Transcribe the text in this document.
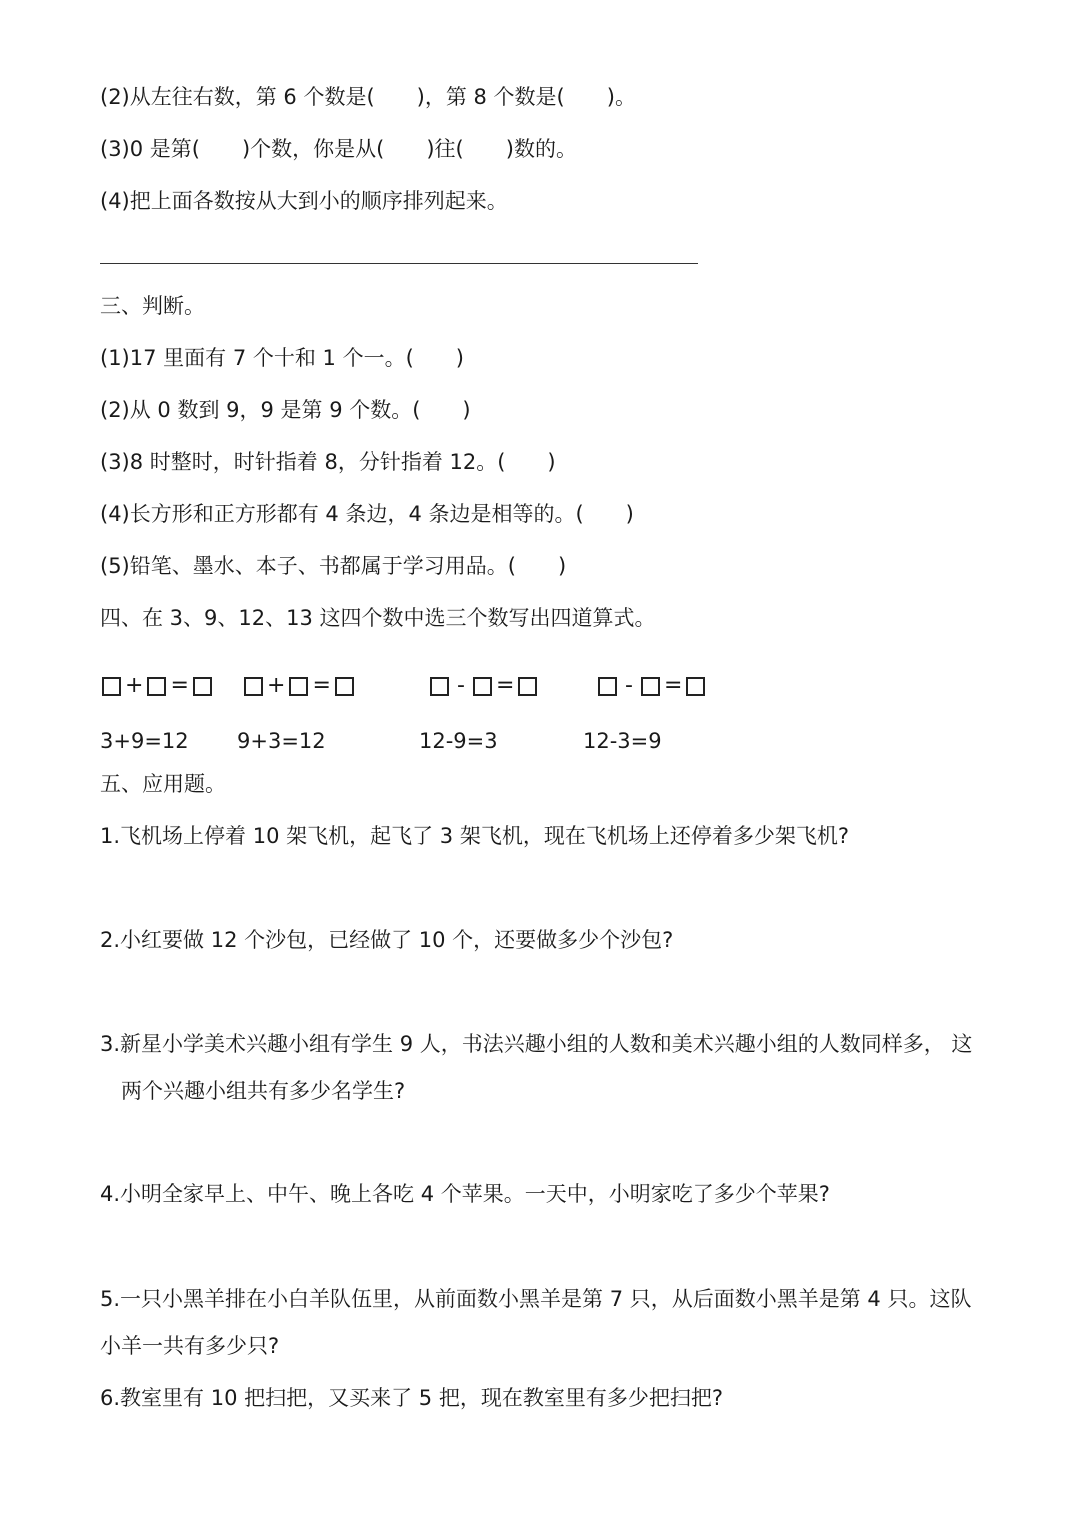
(2)从左往右数，第 6 个数是(　　)，第 8 个数是(　　)。
(3)0 是第(　　)个数，你是从(　　)往(　　)数的。
(4)把上面各数按从大到小的顺序排列起来。
三、判断。
(1)17 里面有 7 个十和 1 个一。(　　)
(2)从 0 数到 9，9 是第 9 个数。(　　)
(3)8 时整时，时针指着 8，分针指着 12。(　　)
(4)长方形和正方形都有 4 条边，4 条边是相等的。(　　)
(5)铅笔、墨水、本子、书都属于学习用品。(　　)
四、在 3、9、12、13 这四个数中选三个数写出四道算式。
+ =	+ =	- =	- =
3+9=12 9+3=12	12-9=3	12-3=9
五、应用题。
1.飞机场上停着 10 架飞机，起飞了 3 架飞机，现在飞机场上还停着多少架飞机?
2.小红要做 12 个沙包，已经做了 10 个，还要做多少个沙包?
3.新星小学美术兴趣小组有学生 9 人，书法兴趣小组的人数和美术兴趣小组的人数同样多， 这
两个兴趣小组共有多少名学生?
4.小明全家早上、中午、晚上各吃 4 个苹果。一天中，小明家吃了多少个苹果?
5.一只小黑羊排在小白羊队伍里，从前面数小黑羊是第 7 只，从后面数小黑羊是第 4 只。这队
小羊一共有多少只?
6.教室里有 10 把扫把，又买来了 5 把，现在教室里有多少把扫把?
